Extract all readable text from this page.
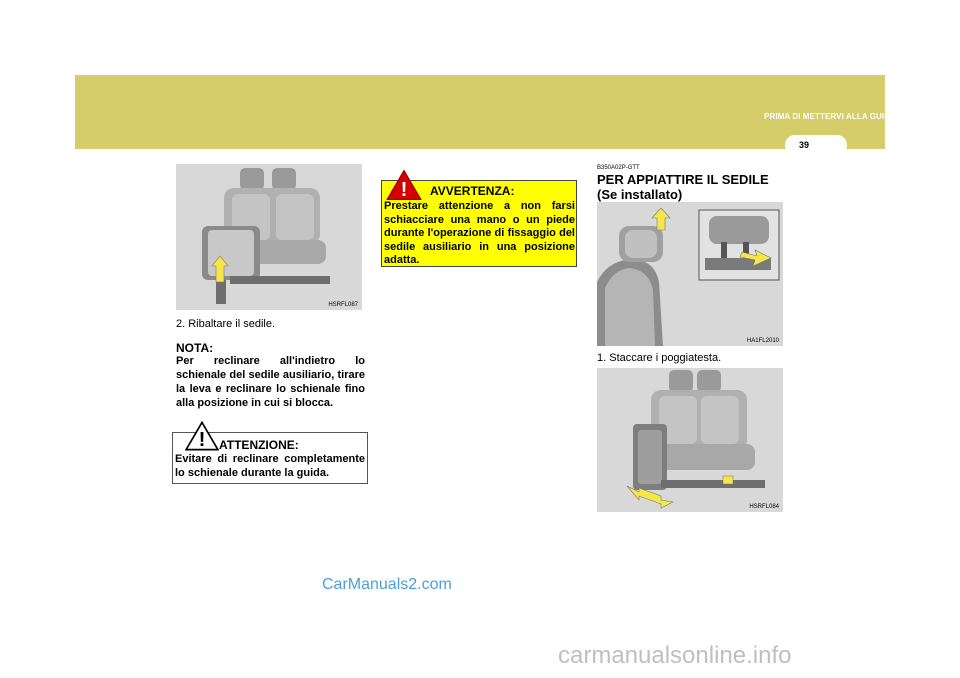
PRIMA DI METTERVI ALLA GUIDA 1
39
HSRFL087
2. Ribaltare il sedile.
NOTA:
Per reclinare all'indietro lo schienale del sedile ausiliario, tirare la leva e reclinare lo schienale fino alla posizione in cui si blocca.
! ATTENZIONE:
Evitare di reclinare completamente lo schienale durante la guida.
! AVVERTENZA:
Prestare attenzione a non farsi schiacciare una mano o un piede durante l'operazione di fissaggio del sedile ausiliario in una posizione adatta.
B350A02P-GTT
PER APPIATTIRE IL SEDILE
(Se installato)
HA1FL2010
1. Staccare i poggiatesta.
HSRFL084
CarManuals2.com
carmanualsonline.info
